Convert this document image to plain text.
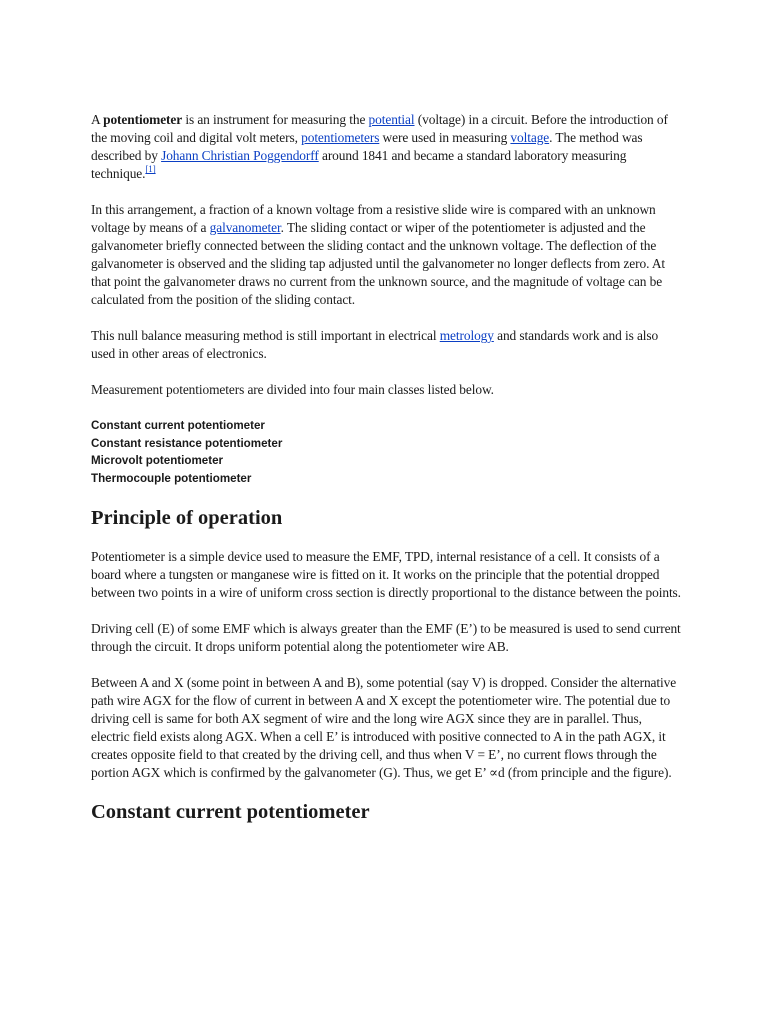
A potentiometer is an instrument for measuring the potential (voltage) in a circuit. Before the introduction of the moving coil and digital volt meters, potentiometers were used in measuring voltage. The method was described by Johann Christian Poggendorff around 1841 and became a standard laboratory measuring technique.[1]

In this arrangement, a fraction of a known voltage from a resistive slide wire is compared with an unknown voltage by means of a galvanometer. The sliding contact or wiper of the potentiometer is adjusted and the galvanometer briefly connected between the sliding contact and the unknown voltage. The deflection of the galvanometer is observed and the sliding tap adjusted until the galvanometer no longer deflects from zero. At that point the galvanometer draws no current from the unknown source, and the magnitude of voltage can be calculated from the position of the sliding contact.

This null balance measuring method is still important in electrical metrology and standards work and is also used in other areas of electronics.

Measurement potentiometers are divided into four main classes listed below.

Constant current potentiometer
Constant resistance potentiometer
Microvolt potentiometer
Thermocouple potentiometer
Principle of operation

Potentiometer is a simple device used to measure the EMF, TPD, internal resistance of a cell. It consists of a board where a tungsten or manganese wire is fitted on it. It works on the principle that the potential dropped between two points in a wire of uniform cross section is directly proportional to the distance between the points.

Driving cell (E) of some EMF which is always greater than the EMF (E’) to be measured is used to send current through the circuit. It drops uniform potential along the potentiometer wire AB.

Between A and X (some point in between A and B), some potential (say V) is dropped. Consider the alternative path wire AGX for the flow of current in between A and X except the potentiometer wire. The potential due to driving cell is same for both AX segment of wire and the long wire AGX since they are in parallel. Thus, electric field exists along AGX. When a cell E’ is introduced with positive connected to A in the path AGX, it creates opposite field to that created by the driving cell, and thus when V = E’, no current flows through the portion AGX which is confirmed by the galvanometer (G). Thus, we get E’ ∝d (from principle and the figure).

Constant current potentiometer
